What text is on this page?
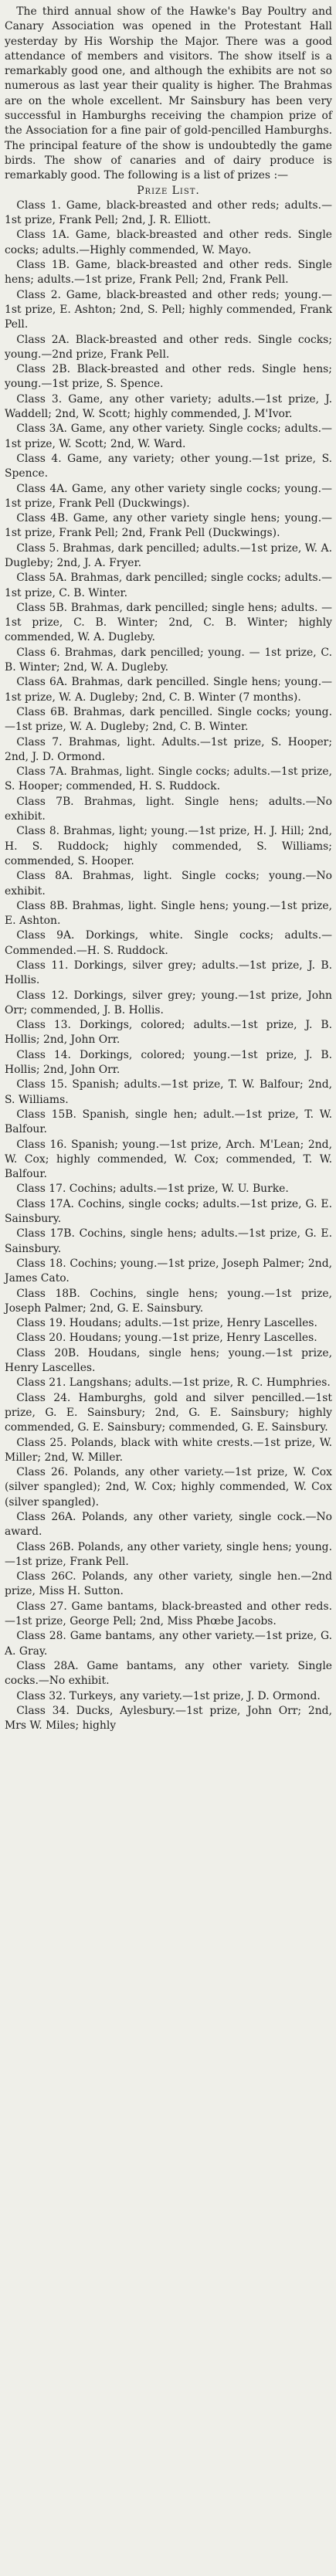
The third annual show of the Hawke's Bay Poultry and Canary Association was opened in the Protestant Hall yesterday by His Worship the Major. There was a good attendance of members and visitors. The show itself is a remarkably good one, and although the exhibits are not so numerous as last year their quality is higher. The Brahmas are on the whole excellent. Mr Sainsbury has been very successful in Hamburghs receiving the champion prize of the Association for a fine pair of gold-pencilled Hamburghs. The principal feature of the show is undoubtedly the game birds. The show of canaries and of dairy produce is remarkably good. The following is a list of prizes :—

Prize List.

Class 1. Game, black-breasted and other reds; adults.—1st prize, Frank Pell; 2nd, J. R. Elliott.

Class 1A. Game, black-breasted and other reds. Single cocks; adults.—Highly commended, W. Mayo.

Class 1B. Game, black-breasted and other reds. Single hens; adults.—1st prize, Frank Pell; 2nd, Frank Pell.

Class 2. Game, black-breasted and other reds; young.—1st prize, E. Ashton; 2nd, S. Pell; highly commended, Frank Pell.

Class 2A. Black-breasted and other reds. Single cocks; young.—2nd prize, Frank Pell.

Class 2B. Black-breasted and other reds. Single hens; young.—1st prize, S. Spence.

Class 3. Game, any other variety; adults.—1st prize, J. Waddell; 2nd, W. Scott; highly commended, J. M'Ivor.

Class 3A. Game, any other variety. Single cocks; adults.—1st prize, W. Scott; 2nd, W. Ward.

Class 4. Game, any variety; other young.—1st prize, S. Spence.

Class 4A. Game, any other variety single cocks; young.—1st prize, Frank Pell (Duckwings).

Class 4B. Game, any other variety single hens; young.—1st prize, Frank Pell; 2nd, Frank Pell (Duckwings).

Class 5. Brahmas, dark pencilled; adults.—1st prize, W. A. Dugleby; 2nd, J. A. Fryer.

Class 5A. Brahmas, dark pencilled; single cocks; adults.—1st prize, C. B. Winter.

Class 5B. Brahmas, dark pencilled; single hens; adults. — 1st prize, C. B. Winter; 2nd, C. B. Winter; highly commended, W. A. Dugleby.

Class 6. Brahmas, dark pencilled; young. — 1st prize, C. B. Winter; 2nd, W. A. Dugleby.

Class 6A. Brahmas, dark pencilled. Single hens; young.—1st prize, W. A. Dugleby; 2nd, C. B. Winter (7 months).

Class 6B. Brahmas, dark pencilled. Single cocks; young.—1st prize, W. A. Dugleby; 2nd, C. B. Winter.

Class 7. Brahmas, light. Adults.—1st prize, S. Hooper; 2nd, J. D. Ormond.

Class 7A. Brahmas, light. Single cocks; adults.—1st prize, S. Hooper; commended, H. S. Ruddock.

Class 7B. Brahmas, light. Single hens; adults.—No exhibit.

Class 8. Brahmas, light; young.—1st prize, H. J. Hill; 2nd, H. S. Ruddock; highly commended, S. Williams; commended, S. Hooper.

Class 8A. Brahmas, light. Single cocks; young.—No exhibit.

Class 8B. Brahmas, light. Single hens; young.—1st prize, E. Ashton.

Class 9A. Dorkings, white. Single cocks; adults.—Commended.—H. S. Ruddock.

Class 11. Dorkings, silver grey; adults.—1st prize, J. B. Hollis.

Class 12. Dorkings, silver grey; young.—1st prize, John Orr; commended, J. B. Hollis.

Class 13. Dorkings, colored; adults.—1st prize, J. B. Hollis; 2nd, John Orr.

Class 14. Dorkings, colored; young.—1st prize, J. B. Hollis; 2nd, John Orr.

Class 15. Spanish; adults.—1st prize, T. W. Balfour; 2nd, S. Williams.

Class 15B. Spanish, single hen; adult.—1st prize, T. W. Balfour.

Class 16. Spanish; young.—1st prize, Arch. M'Lean; 2nd, W. Cox; highly commended, W. Cox; commended, T. W. Balfour.

Class 17. Cochins; adults.—1st prize, W. U. Burke.

Class 17A. Cochins, single cocks; adults.—1st prize, G. E. Sainsbury.

Class 17B. Cochins, single hens; adults.—1st prize, G. E. Sainsbury.

Class 18. Cochins; young.—1st prize, Joseph Palmer; 2nd, James Cato.

Class 18B. Cochins, single hens; young.—1st prize, Joseph Palmer; 2nd, G. E. Sainsbury.

Class 19. Houdans; adults.—1st prize, Henry Lascelles.

Class 20. Houdans; young.—1st prize, Henry Lascelles.

Class 20B. Houdans, single hens; young.—1st prize, Henry Lascelles.

Class 21. Langshans; adults.—1st prize, R. C. Humphries.

Class 24. Hamburghs, gold and silver pencilled.—1st prize, G. E. Sainsbury; 2nd, G. E. Sainsbury; highly commended, G. E. Sainsbury; commended, G. E. Sainsbury.

Class 25. Polands, black with white crests.—1st prize, W. Miller; 2nd, W. Miller.

Class 26. Polands, any other variety.—1st prize, W. Cox (silver spangled); 2nd, W. Cox; highly commended, W. Cox (silver spangled).

Class 26A. Polands, any other variety, single cock.—No award.

Class 26B. Polands, any other variety, single hens; young.—1st prize, Frank Pell.

Class 26C. Polands, any other variety, single hen.—2nd prize, Miss H. Sutton.

Class 27. Game bantams, black-breasted and other reds.—1st prize, George Pell; 2nd, Miss Phœbe Jacobs.

Class 28. Game bantams, any other variety.—1st prize, G. A. Gray.

Class 28A. Game bantams, any other variety. Single cocks.—No exhibit.

Class 32. Turkeys, any variety.—1st prize, J. D. Ormond.

Class 34. Ducks, Aylesbury.—1st prize, John Orr; 2nd, Mrs W. Miles; highly
